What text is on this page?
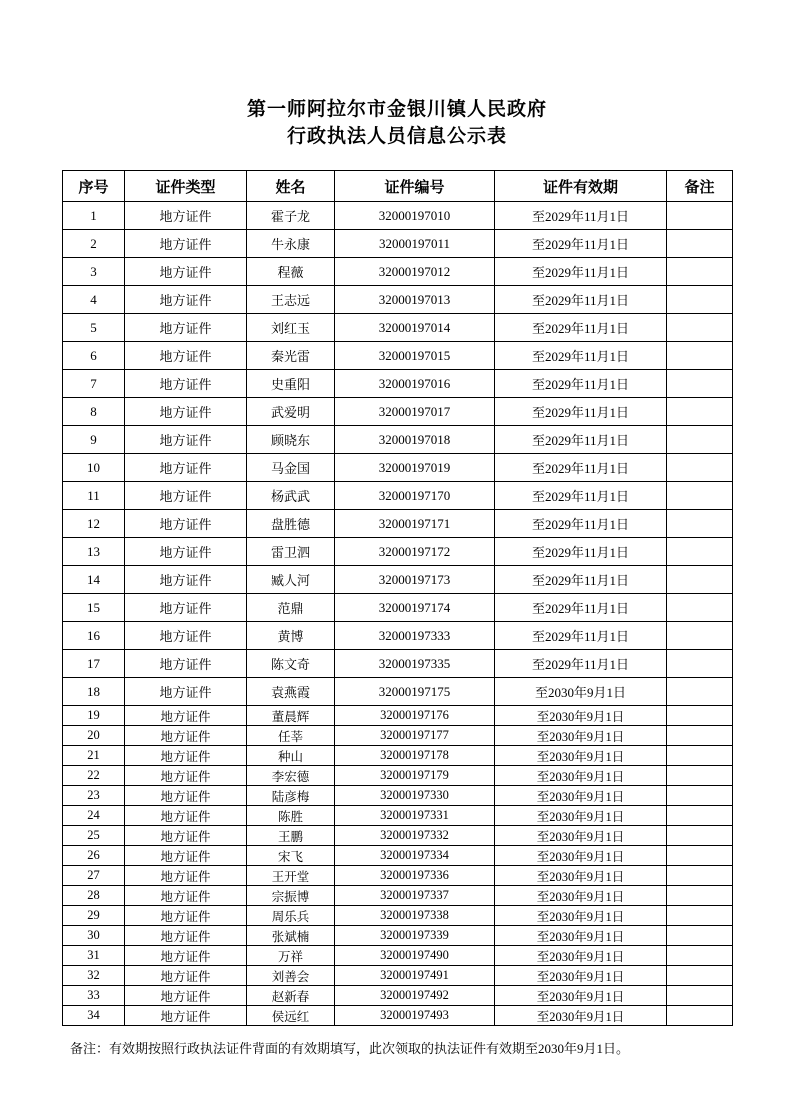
第一师阿拉尔市金银川镇人民政府
行政执法人员信息公示表
序号	证件类型	姓名	证件编号	证件有效期	备注
1	地方证件	霍子龙	32000197010	至2029年11月1日	
2	地方证件	牛永康	32000197011	至2029年11月1日	
3	地方证件	程薇	32000197012	至2029年11月1日	
4	地方证件	王志远	32000197013	至2029年11月1日	
5	地方证件	刘红玉	32000197014	至2029年11月1日	
6	地方证件	秦光雷	32000197015	至2029年11月1日	
7	地方证件	史重阳	32000197016	至2029年11月1日	
8	地方证件	武爱明	32000197017	至2029年11月1日	
9	地方证件	顾晓东	32000197018	至2029年11月1日	
10	地方证件	马金国	32000197019	至2029年11月1日	
11	地方证件	杨武武	32000197170	至2029年11月1日	
12	地方证件	盘胜德	32000197171	至2029年11月1日	
13	地方证件	雷卫泗	32000197172	至2029年11月1日	
14	地方证件	臧人河	32000197173	至2029年11月1日	
15	地方证件	范鼎	32000197174	至2029年11月1日	
16	地方证件	黄博	32000197333	至2029年11月1日	
17	地方证件	陈文奇	32000197335	至2029年11月1日	
18	地方证件	袁燕霞	32000197175	至2030年9月1日	
19	地方证件	董晨辉	32000197176	至2030年9月1日	
20	地方证件	任莘	32000197177	至2030年9月1日	
21	地方证件	种山	32000197178	至2030年9月1日	
22	地方证件	李宏德	32000197179	至2030年9月1日	
23	地方证件	陆彦梅	32000197330	至2030年9月1日	
24	地方证件	陈胜	32000197331	至2030年9月1日	
25	地方证件	王鹏	32000197332	至2030年9月1日	
26	地方证件	宋飞	32000197334	至2030年9月1日	
27	地方证件	王开堂	32000197336	至2030年9月1日	
28	地方证件	宗振博	32000197337	至2030年9月1日	
29	地方证件	周乐兵	32000197338	至2030年9月1日	
30	地方证件	张斌楠	32000197339	至2030年9月1日	
31	地方证件	万祥	32000197490	至2030年9月1日	
32	地方证件	刘善会	32000197491	至2030年9月1日	
33	地方证件	赵新春	32000197492	至2030年9月1日	
34	地方证件	侯远红	32000197493	至2030年9月1日	
备注：有效期按照行政执法证件背面的有效期填写，此次领取的执法证件有效期至2030年9月1日。
